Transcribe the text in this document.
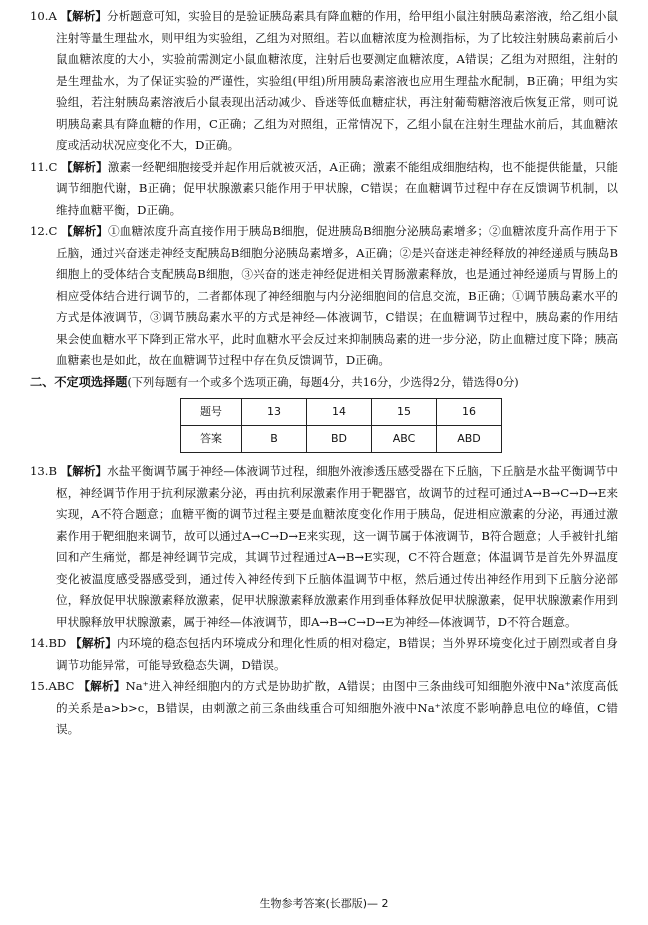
10.A 【解析】分析题意可知，实验目的是验证胰岛素具有降血糖的作用，给甲组小鼠注射胰岛素溶液，给乙组小鼠注射等量生理盐水，则甲组为实验组，乙组为对照组。若以血糖浓度为检测指标，为了比较注射胰岛素前后小鼠血糖浓度的大小，实验前需测定小鼠血糖浓度，注射后也要测定血糖浓度，A错误；乙组为对照组，注射的是生理盐水，为了保证实验的严谨性，实验组(甲组)所用胰岛素溶液也应用生理盐水配制，B正确；甲组为实验组，若注射胰岛素溶液后小鼠表现出活动减少、昏迷等低血糖症状，再注射葡萄糖溶液后恢复正常，则可说明胰岛素具有降血糖的作用，C正确；乙组为对照组，正常情况下，乙组小鼠在注射生理盐水前后，其血糖浓度或活动状况应变化不大，D正确。

11.C 【解析】激素一经靶细胞接受并起作用后就被灭活，A正确；激素不能组成细胞结构，也不能提供能量，只能调节细胞代谢，B正确；促甲状腺激素只能作用于甲状腺，C错误；在血糖调节过程中存在反馈调节机制，以维持血糖平衡，D正确。

12.C 【解析】①血糖浓度升高直接作用于胰岛B细胞，促进胰岛B细胞分泌胰岛素增多；②血糖浓度升高作用于下丘脑，通过兴奋迷走神经支配胰岛B细胞分泌胰岛素增多，A正确；②是兴奋迷走神经释放的神经递质与胰岛B细胞上的受体结合支配胰岛B细胞，③兴奋的迷走神经促进相关胃肠激素释放，也是通过神经递质与胃肠上的相应受体结合进行调节的，二者都体现了神经细胞与内分泌细胞间的信息交流，B正确；①调节胰岛素水平的方式是体液调节，③调节胰岛素水平的方式是神经—体液调节，C错误；在血糖调节过程中，胰岛素的作用结果会使血糖水平下降到正常水平，此时血糖水平会反过来抑制胰岛素的进一步分泌，防止血糖过度下降；胰高血糖素也是如此，故在血糖调节过程中存在负反馈调节，D正确。

二、不定项选择题(下列每题有一个或多个选项正确，每题4分，共16分，少选得2分，错选得0分)

题号	13	14	15	16
答案	B	BD	ABC	ABD

13.B 【解析】水盐平衡调节属于神经—体液调节过程，细胞外液渗透压感受器在下丘脑，下丘脑是水盐平衡调节中枢，神经调节作用于抗利尿激素分泌，再由抗利尿激素作用于靶器官，故调节的过程可通过A→B→C→D→E来实现，A不符合题意；血糖平衡的调节过程主要是血糖浓度变化作用于胰岛，促进相应激素的分泌，再通过激素作用于靶细胞来调节，故可以通过A→C→D→E来实现，这一调节属于体液调节，B符合题意；人手被针扎缩回和产生痛觉，都是神经调节完成，其调节过程通过A→B→E实现，C不符合题意；体温调节是首先外界温度变化被温度感受器感受到，通过传入神经传到下丘脑体温调节中枢，然后通过传出神经作用到下丘脑分泌部位，释放促甲状腺激素释放激素，促甲状腺激素释放激素作用到垂体释放促甲状腺激素，促甲状腺激素作用到甲状腺释放甲状腺激素，属于神经—体液调节，即A→B→C→D→E为神经—体液调节，D不符合题意。

14.BD 【解析】内环境的稳态包括内环境成分和理化性质的相对稳定，B错误；当外界环境变化过于剧烈或者自身调节功能异常，可能导致稳态失调，D错误。

15.ABC 【解析】Na⁺进入神经细胞内的方式是协助扩散，A错误；由图中三条曲线可知细胞外液中Na⁺浓度高低的关系是a>b>c，B错误，由刺激之前三条曲线重合可知细胞外液中Na⁺浓度不影响静息电位的峰值，C错误。

生物参考答案(长郡版)— 2
